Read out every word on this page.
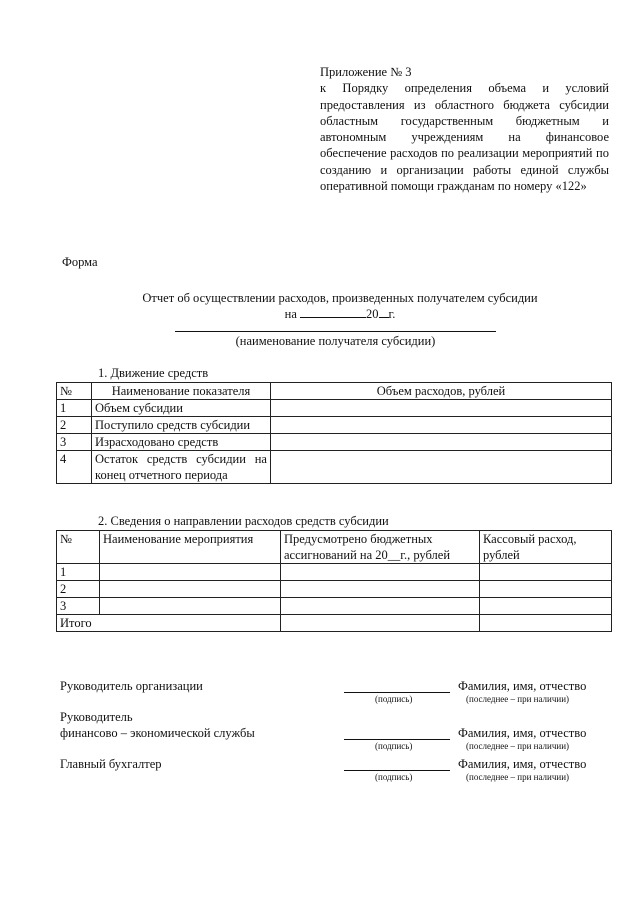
Приложение № 3
к Порядку определения объема и условий предоставления из областного бюджета субсидии областным государственным бюджетным и автономным учреждениям на финансовое обеспечение расходов по реализации мероприятий по созданию и организации работы единой службы оперативной помощи гражданам по номеру «122»
Форма
Отчет об осуществлении расходов, произведенных получателем субсидии
на	20 г.
(наименование получателя субсидии)
1. Движение средств
№	Наименование показателя	Объем расходов, рублей
1	Объем субсидии	
2	Поступило средств субсидии	
3	Израсходовано средств	
4	Остаток средств субсидии на конец отчетного периода	
2. Сведения о направлении расходов средств субсидии
№	Наименование мероприятия	Предусмотрено бюджетных ассигнований на 20__г., рублей	Кассовый расход, рублей
1			
2			
3			
Итого			
Руководитель организации	Фамилия, имя, отчество
(подпись)	(последнее – при наличии)
Руководитель
финансово – экономической службы	Фамилия, имя, отчество
(подпись)	(последнее – при наличии)
Главный бухгалтер	Фамилия, имя, отчество
(подпись)	(последнее – при наличии)
